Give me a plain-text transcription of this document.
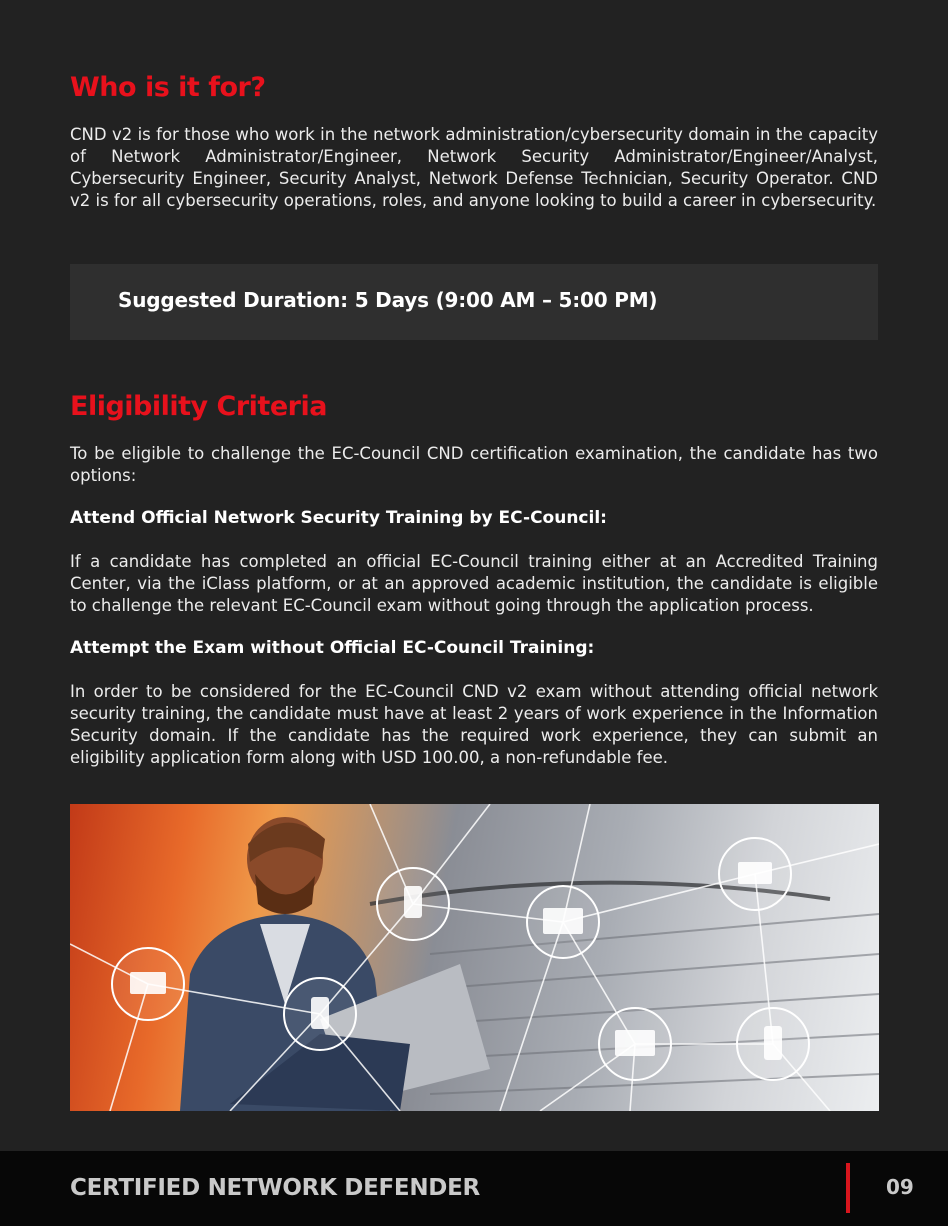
Who is it for?

CND v2 is for those who work in the network administration/cybersecurity domain in the capacity of Network Administrator/Engineer, Network Security Administrator/Engineer/Analyst, Cybersecurity Engineer, Security Analyst, Network Defense Technician, Security Operator. CND v2 is for all cybersecurity operations, roles, and anyone looking to build a career in cybersecurity.

Suggested Duration: 5 Days (9:00 AM – 5:00 PM)
Eligibility Criteria

To be eligible to challenge the EC-Council CND certification examination, the candidate has two options:

Attend Official Network Security Training by EC-Council:

If a candidate has completed an official EC-Council training either at an Accredited Training Center, via the iClass platform, or at an approved academic institution, the candidate is eligible to challenge the relevant EC-Council exam without going through the application process.

Attempt the Exam without Official EC-Council Training:

In order to be considered for the EC-Council CND v2 exam without attending official network security training, the candidate must have at least 2 years of work experience in the Information Security domain. If the candidate has the required work experience, they can submit an eligibility application form along with USD 100.00, a non-refundable fee.

CERTIFIED NETWORK DEFENDER	09
